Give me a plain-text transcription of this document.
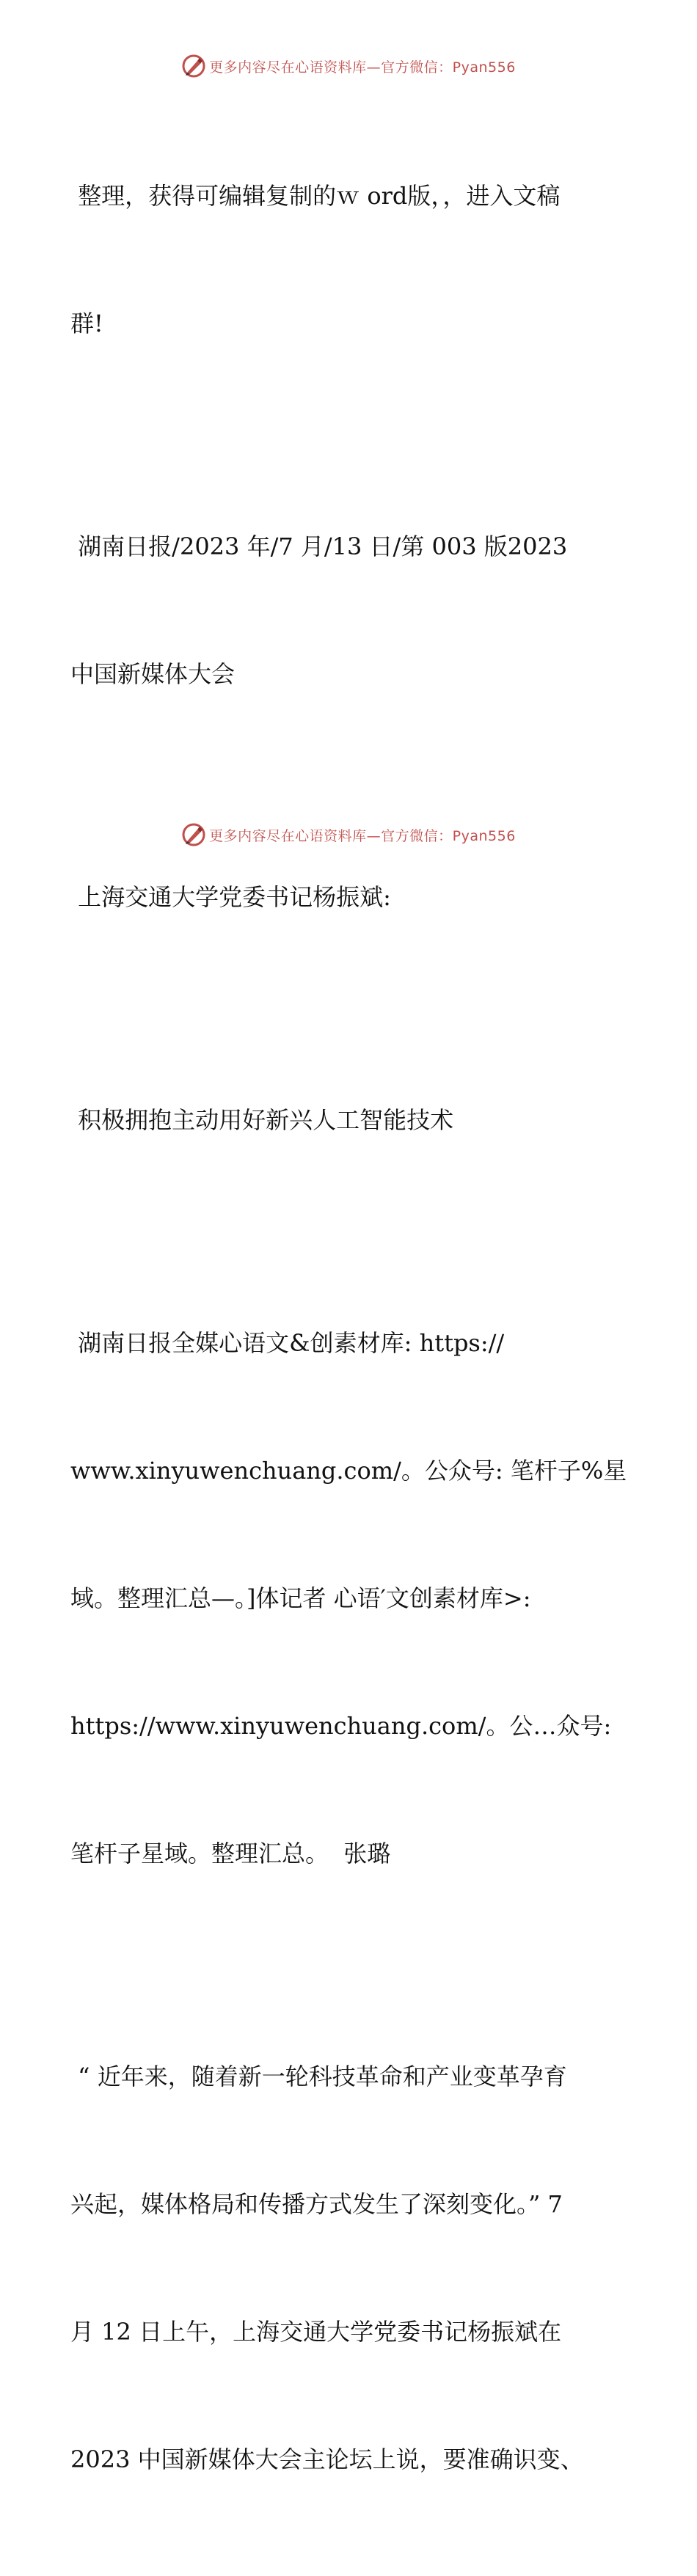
更多内容尽在心语资料库—官方微信：Pyan556

整理，获得可编辑复制的ｗ ord版，，进入文稿

群!

湖南日报/2023 年/7 月/13 日/第 003 版2023

中国新媒体大会

上海交通大学党委书记杨振斌:

积极拥抱主动用好新兴人工智能技术

湖南日报全媒心语文&创素材库: https://

www.xinyuwenchuang.com/。公众号: 笔杆子%星

域。整理汇总—。]体记者 心语′文创素材库>:

https://www.xinyuwenchuang.com/。公…众号:

笔杆子星域。整理汇总。  张璐

“ 近年来，随着新一轮科技革命和产业变革孕育

兴起，媒体格局和传播方式发生了深刻变化。” 7

月 12 日上午，上海交通大学党委书记杨振斌在

2023 中国新媒体大会主论坛上说，要准确识变、

更多内容尽在心语资料库—官方微信：Pyan556
